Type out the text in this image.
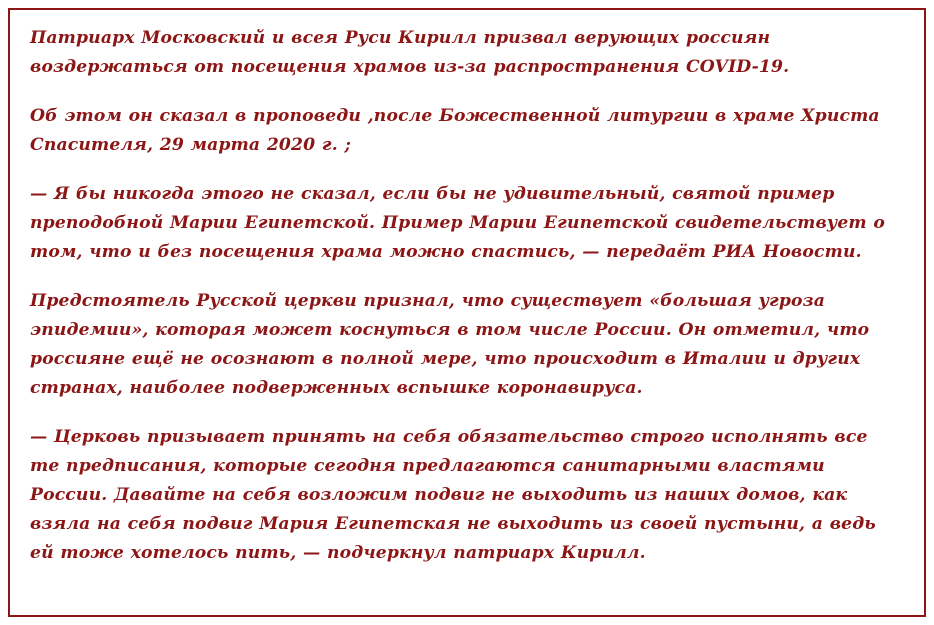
Патриарх Московский и всея Руси Кирилл призвал верующих россиян воздержаться от посещения храмов из-за распространения COVID-19.

Об этом он сказал в проповеди ,после Божественной литургии в храме Христа Спасителя, 29 марта 2020 г. ;

— Я бы никогда этого не сказал, если бы не удивительный, святой пример преподобной Марии Египетской. Пример Марии Египетской свидетельствует о том, что и без посещения храма можно спастись, — передаёт РИА Новости.

Предстоятель Русской церкви признал, что существует «большая угроза эпидемии», которая может коснуться в том числе России. Он отметил, что россияне ещё не осознают в полной мере, что происходит в Италии и других странах, наиболее подверженных вспышке коронавируса.

— Церковь призывает принять на себя обязательство строго исполнять все те предписания, которые сегодня предлагаются санитарными властями России. Давайте на себя возложим подвиг не выходить из наших домов, как взяла на себя подвиг Мария Египетская не выходить из своей пустыни, а ведь ей тоже хотелось пить, — подчеркнул патриарх Кирилл.
